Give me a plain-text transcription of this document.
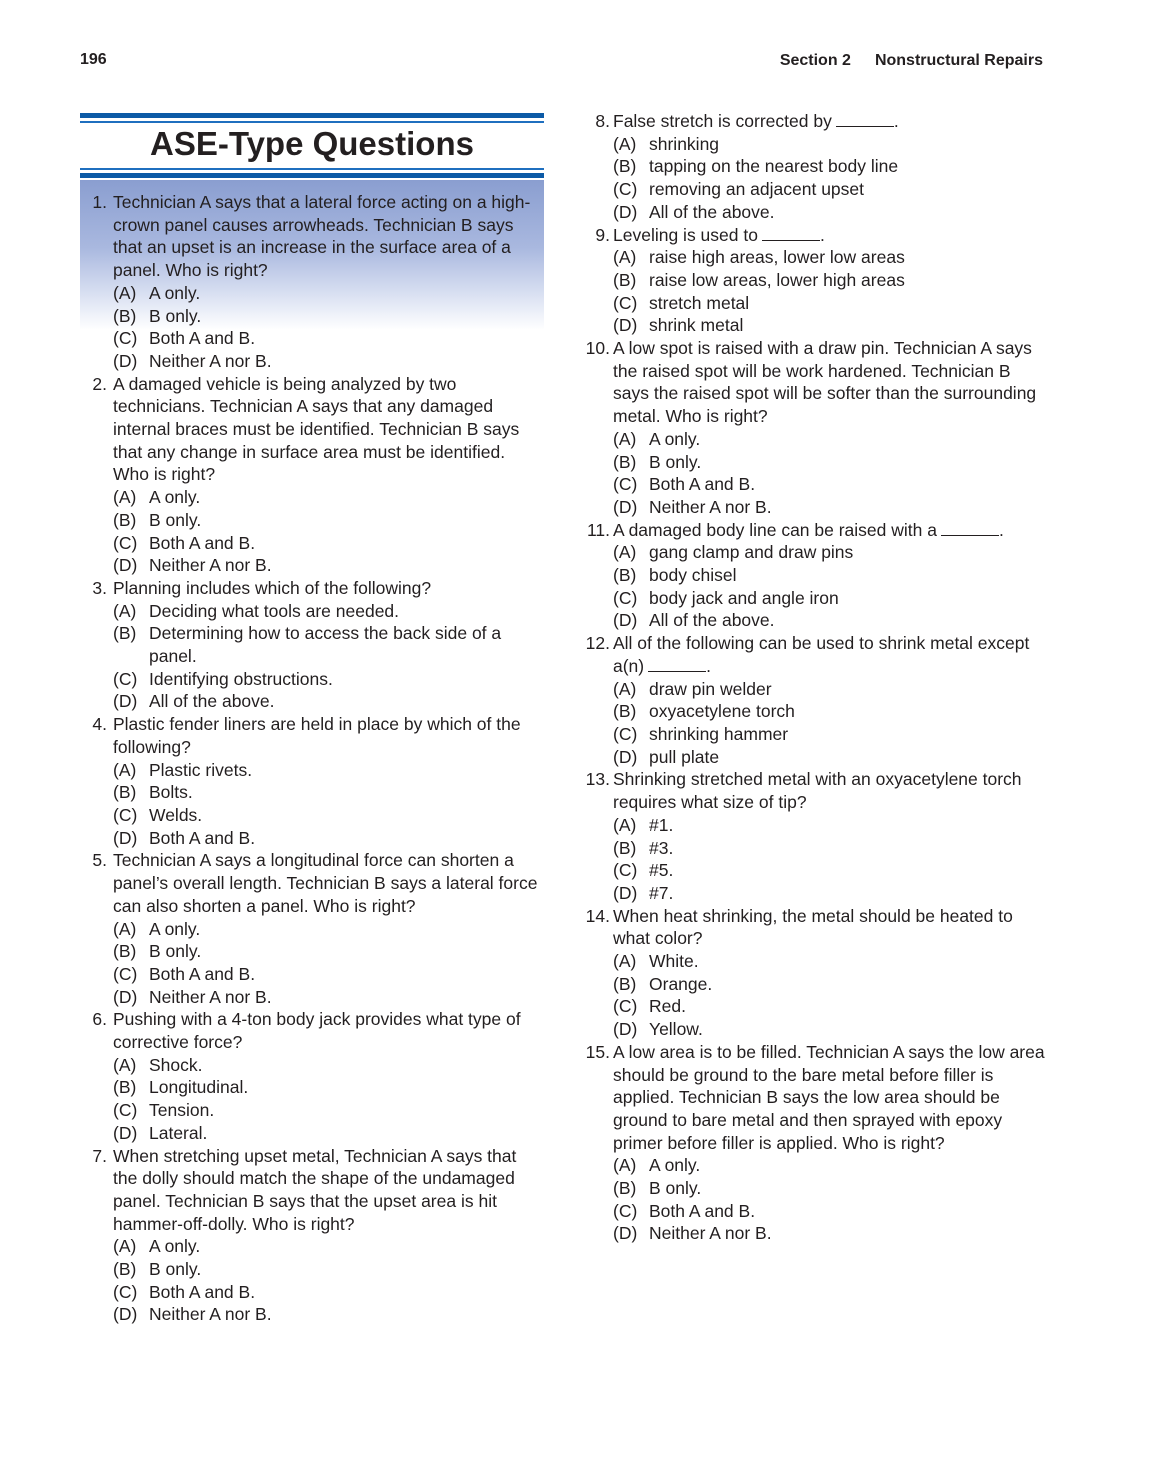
196	Section 2 Nonstructural Repairs
ASE-Type Questions
1. Technician A says that a lateral force acting on a high-crown panel causes arrowheads. Technician B says that an upset is an increase in the surface area of a panel. Who is right?
(A) A only.
(B) B only.
(C) Both A and B.
(D) Neither A nor B.
2. A damaged vehicle is being analyzed by two technicians. Technician A says that any damaged internal braces must be identified. Technician B says that any change in surface area must be identified. Who is right?
(A) A only.
(B) B only.
(C) Both A and B.
(D) Neither A nor B.
3. Planning includes which of the following?
(A) Deciding what tools are needed.
(B) Determining how to access the back side of a panel.
(C) Identifying obstructions.
(D) All of the above.
4. Plastic fender liners are held in place by which of the following?
(A) Plastic rivets.
(B) Bolts.
(C) Welds.
(D) Both A and B.
5. Technician A says a longitudinal force can shorten a panel’s overall length. Technician B says a lateral force can also shorten a panel. Who is right?
(A) A only.
(B) B only.
(C) Both A and B.
(D) Neither A nor B.
6. Pushing with a 4-ton body jack provides what type of corrective force?
(A) Shock.
(B) Longitudinal.
(C) Tension.
(D) Lateral.
7. When stretching upset metal, Technician A says that the dolly should match the shape of the undamaged panel. Technician B says that the upset area is hit hammer-off-dolly. Who is right?
(A) A only.
(B) B only.
(C) Both A and B.
(D) Neither A nor B.
8. False stretch is corrected by	.
(A) shrinking
(B) tapping on the nearest body line
(C) removing an adjacent upset
(D) All of the above.
9. Leveling is used to	.
(A) raise high areas, lower low areas
(B) raise low areas, lower high areas
(C) stretch metal
(D) shrink metal
10. A low spot is raised with a draw pin. Technician A says the raised spot will be work hardened. Technician B says the raised spot will be softer than the surrounding metal. Who is right?
(A) A only.
(B) B only.
(C) Both A and B.
(D) Neither A nor B.
11. A damaged body line can be raised with a	.
(A) gang clamp and draw pins
(B) body chisel
(C) body jack and angle iron
(D) All of the above.
12. All of the following can be used to shrink metal except a(n)	.
(A) draw pin welder
(B) oxyacetylene torch
(C) shrinking hammer
(D) pull plate
13. Shrinking stretched metal with an oxyacetylene torch requires what size of tip?
(A) #1.
(B) #3.
(C) #5.
(D) #7.
14. When heat shrinking, the metal should be heated to what color?
(A) White.
(B) Orange.
(C) Red.
(D) Yellow.
15. A low area is to be filled. Technician A says the low area should be ground to the bare metal before filler is applied. Technician B says the low area should be ground to bare metal and then sprayed with epoxy primer before filler is applied. Who is right?
(A) A only.
(B) B only.
(C) Both A and B.
(D) Neither A nor B.
